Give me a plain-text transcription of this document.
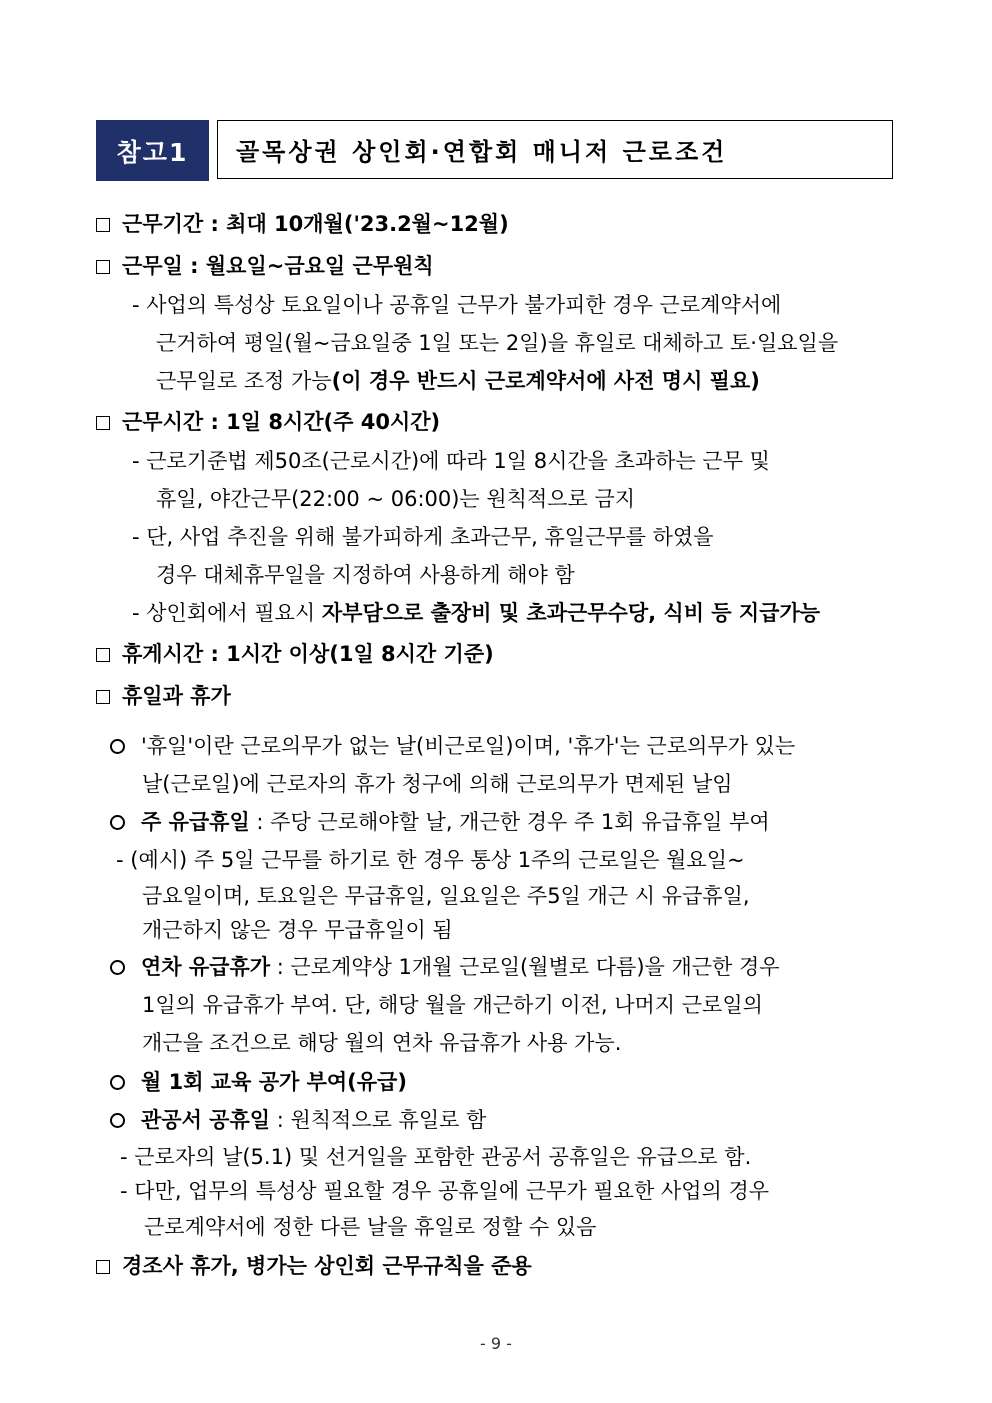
참고1	골목상권 상인회·연합회 매니저 근로조건
근무기간 : 최대 10개월('23.2월~12월)
근무일 : 월요일~금요일 근무원칙
- 사업의 특성상 토요일이나 공휴일 근무가 불가피한 경우 근로계약서에
근거하여 평일(월~금요일중 1일 또는 2일)을 휴일로 대체하고 토·일요일을
근무일로 조정 가능(이 경우 반드시 근로계약서에 사전 명시 필요)
근무시간 : 1일 8시간(주 40시간)
- 근로기준법 제50조(근로시간)에 따라 1일 8시간을 초과하는 근무 및
휴일, 야간근무(22:00 ~ 06:00)는 원칙적으로 금지
- 단, 사업 추진을 위해 불가피하게 초과근무, 휴일근무를 하였을
경우 대체휴무일을 지정하여 사용하게 해야 함
- 상인회에서 필요시 자부담으로 출장비 및 초과근무수당, 식비 등 지급가능
휴게시간 : 1시간 이상(1일 8시간 기준)
휴일과 휴가
'휴일'이란 근로의무가 없는 날(비근로일)이며, '휴가'는 근로의무가 있는
날(근로일)에 근로자의 휴가 청구에 의해 근로의무가 면제된 날임
주 유급휴일 : 주당 근로해야할 날, 개근한 경우 주 1회 유급휴일 부여
- (예시) 주 5일 근무를 하기로 한 경우 통상 1주의 근로일은 월요일~
금요일이며, 토요일은 무급휴일, 일요일은 주5일 개근 시 유급휴일,
개근하지 않은 경우 무급휴일이 됨
연차 유급휴가 : 근로계약상 1개월 근로일(월별로 다름)을 개근한 경우
1일의 유급휴가 부여. 단, 해당 월을 개근하기 이전, 나머지 근로일의
개근을 조건으로 해당 월의 연차 유급휴가 사용 가능.
월 1회 교육 공가 부여(유급)
관공서 공휴일 : 원칙적으로 휴일로 함
- 근로자의 날(5.1) 및 선거일을 포함한 관공서 공휴일은 유급으로 함.
- 다만, 업무의 특성상 필요할 경우 공휴일에 근무가 필요한 사업의 경우
근로계약서에 정한 다른 날을 휴일로 정할 수 있음
경조사 휴가, 병가는 상인회 근무규칙을 준용
- 9 -
